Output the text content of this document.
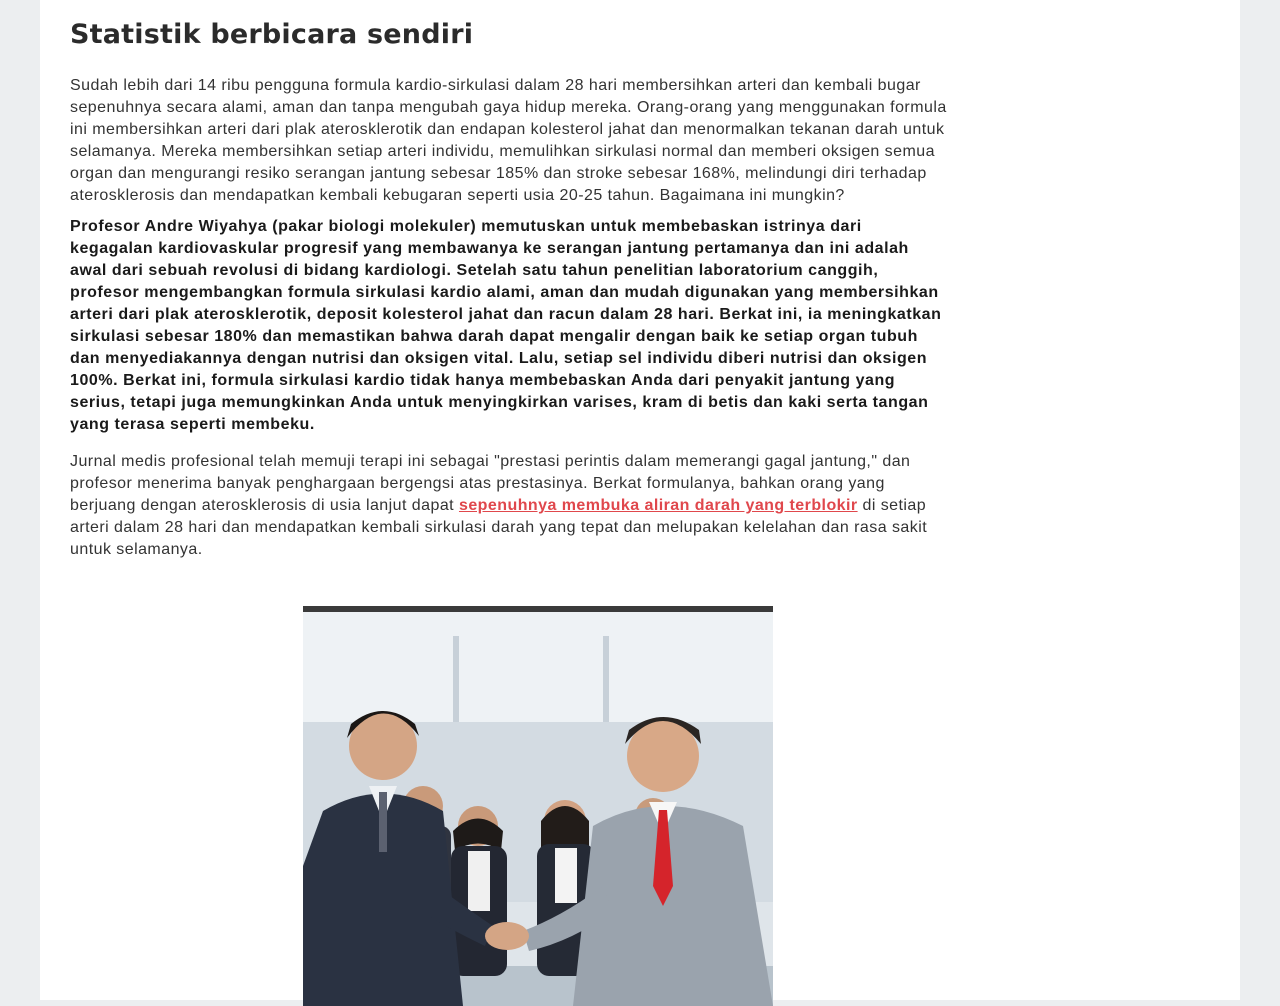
Statistik berbicara sendiri

Sudah lebih dari 14 ribu pengguna formula kardio-sirkulasi dalam 28 hari membersihkan arteri dan kembali bugar sepenuhnya secara alami, aman dan tanpa mengubah gaya hidup mereka. Orang-orang yang menggunakan formula ini membersihkan arteri dari plak aterosklerotik dan endapan kolesterol jahat dan menormalkan tekanan darah untuk selamanya. Mereka membersihkan setiap arteri individu, memulihkan sirkulasi normal dan memberi oksigen semua organ dan mengurangi resiko serangan jantung sebesar 185% dan stroke sebesar 168%, melindungi diri terhadap aterosklerosis dan mendapatkan kembali kebugaran seperti usia 20-25 tahun. Bagaimana ini mungkin?

Profesor Andre Wiyahya (pakar biologi molekuler) memutuskan untuk membebaskan istrinya dari kegagalan kardiovaskular progresif yang membawanya ke serangan jantung pertamanya dan ini adalah awal dari sebuah revolusi di bidang kardiologi. Setelah satu tahun penelitian laboratorium canggih, profesor mengembangkan formula sirkulasi kardio alami, aman dan mudah digunakan yang membersihkan arteri dari plak aterosklerotik, deposit kolesterol jahat dan racun dalam 28 hari. Berkat ini, ia meningkatkan sirkulasi sebesar 180% dan memastikan bahwa darah dapat mengalir dengan baik ke setiap organ tubuh dan menyediakannya dengan nutrisi dan oksigen vital. Lalu, setiap sel individu diberi nutrisi dan oksigen 100%. Berkat ini, formula sirkulasi kardio tidak hanya membebaskan Anda dari penyakit jantung yang serius, tetapi juga memungkinkan Anda untuk menyingkirkan varises, kram di betis dan kaki serta tangan yang terasa seperti membeku.

Jurnal medis profesional telah memuji terapi ini sebagai "prestasi perintis dalam memerangi gagal jantung," dan profesor menerima banyak penghargaan bergengsi atas prestasinya. Berkat formulanya, bahkan orang yang berjuang dengan aterosklerosis di usia lanjut dapat sepenuhnya membuka aliran darah yang terblokir di setiap arteri dalam 28 hari dan mendapatkan kembali sirkulasi darah yang tepat dan melupakan kelelahan dan rasa sakit untuk selamanya.
